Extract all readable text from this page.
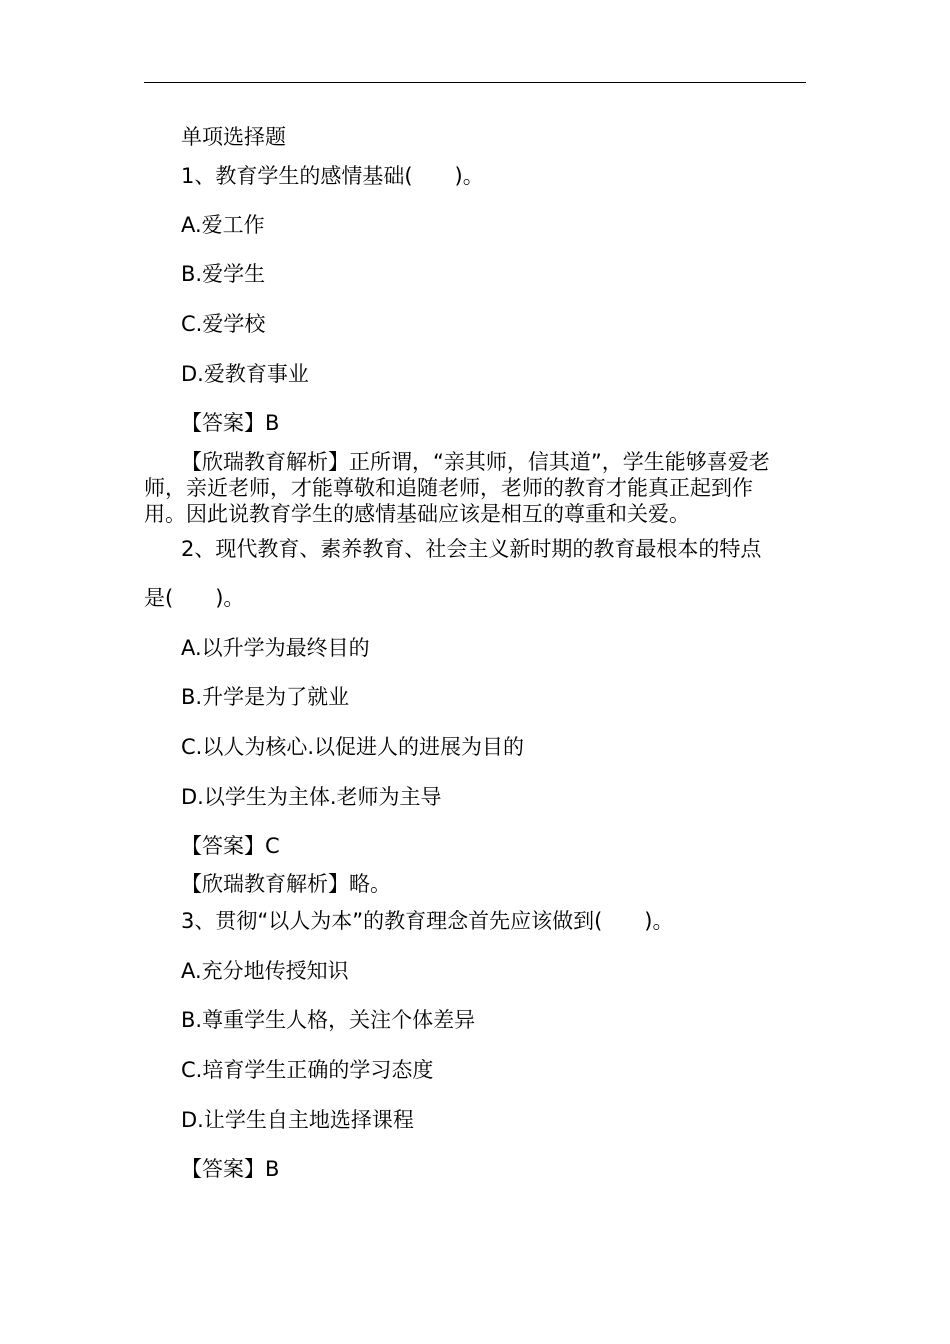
单项选择题
1、教育学生的感情基础(　　)。
A.爱工作
B.爱学生
C.爱学校
D.爱教育事业
【答案】B
【欣瑞教育解析】正所谓，“亲其师，信其道”，学生能够喜爱老师，亲近老师，才能尊敬和追随老师，老师的教育才能真正起到作用。因此说教育学生的感情基础应该是相互的尊重和关爱。
2、现代教育、素养教育、社会主义新时期的教育最根本的特点
是(　　)。
A.以升学为最终目的
B.升学是为了就业
C.以人为核心.以促进人的进展为目的
D.以学生为主体.老师为主导
【答案】C
【欣瑞教育解析】略。
3、贯彻“以人为本”的教育理念首先应该做到(　　)。
A.充分地传授知识
B.尊重学生人格，关注个体差异
C.培育学生正确的学习态度
D.让学生自主地选择课程
【答案】B
